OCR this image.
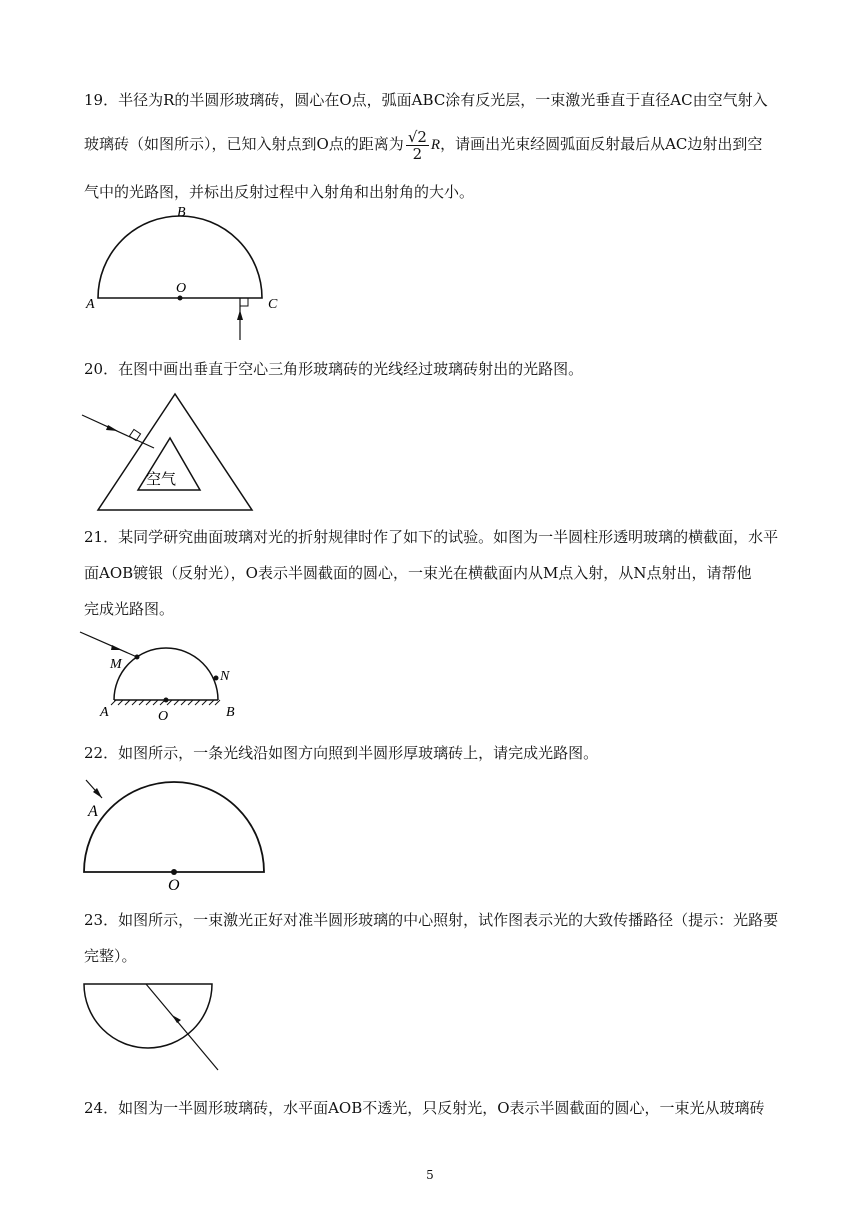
19．半径为R的半圆形玻璃砖，圆心在O点，弧面ABC涂有反光层，一束激光垂直于直径AC由空气射入
玻璃砖（如图所示），已知入射点到O点的距离为 $\frac{√2}{2}$ R，请画出光束经圆弧面反射最后从AC边射出到空
气中的光路图，并标出反射过程中入射角和出射角的大小。
A
B
C
O
20．在图中画出垂直于空心三角形玻璃砖的光线经过玻璃砖射出的光路图。
空气
21．某同学研究曲面玻璃对光的折射规律时作了如下的试验。如图为一半圆柱形透明玻璃的横截面，水平
面AOB镀银（反射光），O表示半圆截面的圆心，一束光在横截面内从M点入射，从N点射出，请帮他
完成光路图。
M
N
A	O	B
22．如图所示，一条光线沿如图方向照到半圆形厚玻璃砖上，请完成光路图。
A
O
23．如图所示，一束激光正好对准半圆形玻璃的中心照射，试作图表示光的大致传播路径（提示：光路要
完整）。
24．如图为一半圆形玻璃砖，水平面AOB不透光，只反射光，O表示半圆截面的圆心，一束光从玻璃砖
5
